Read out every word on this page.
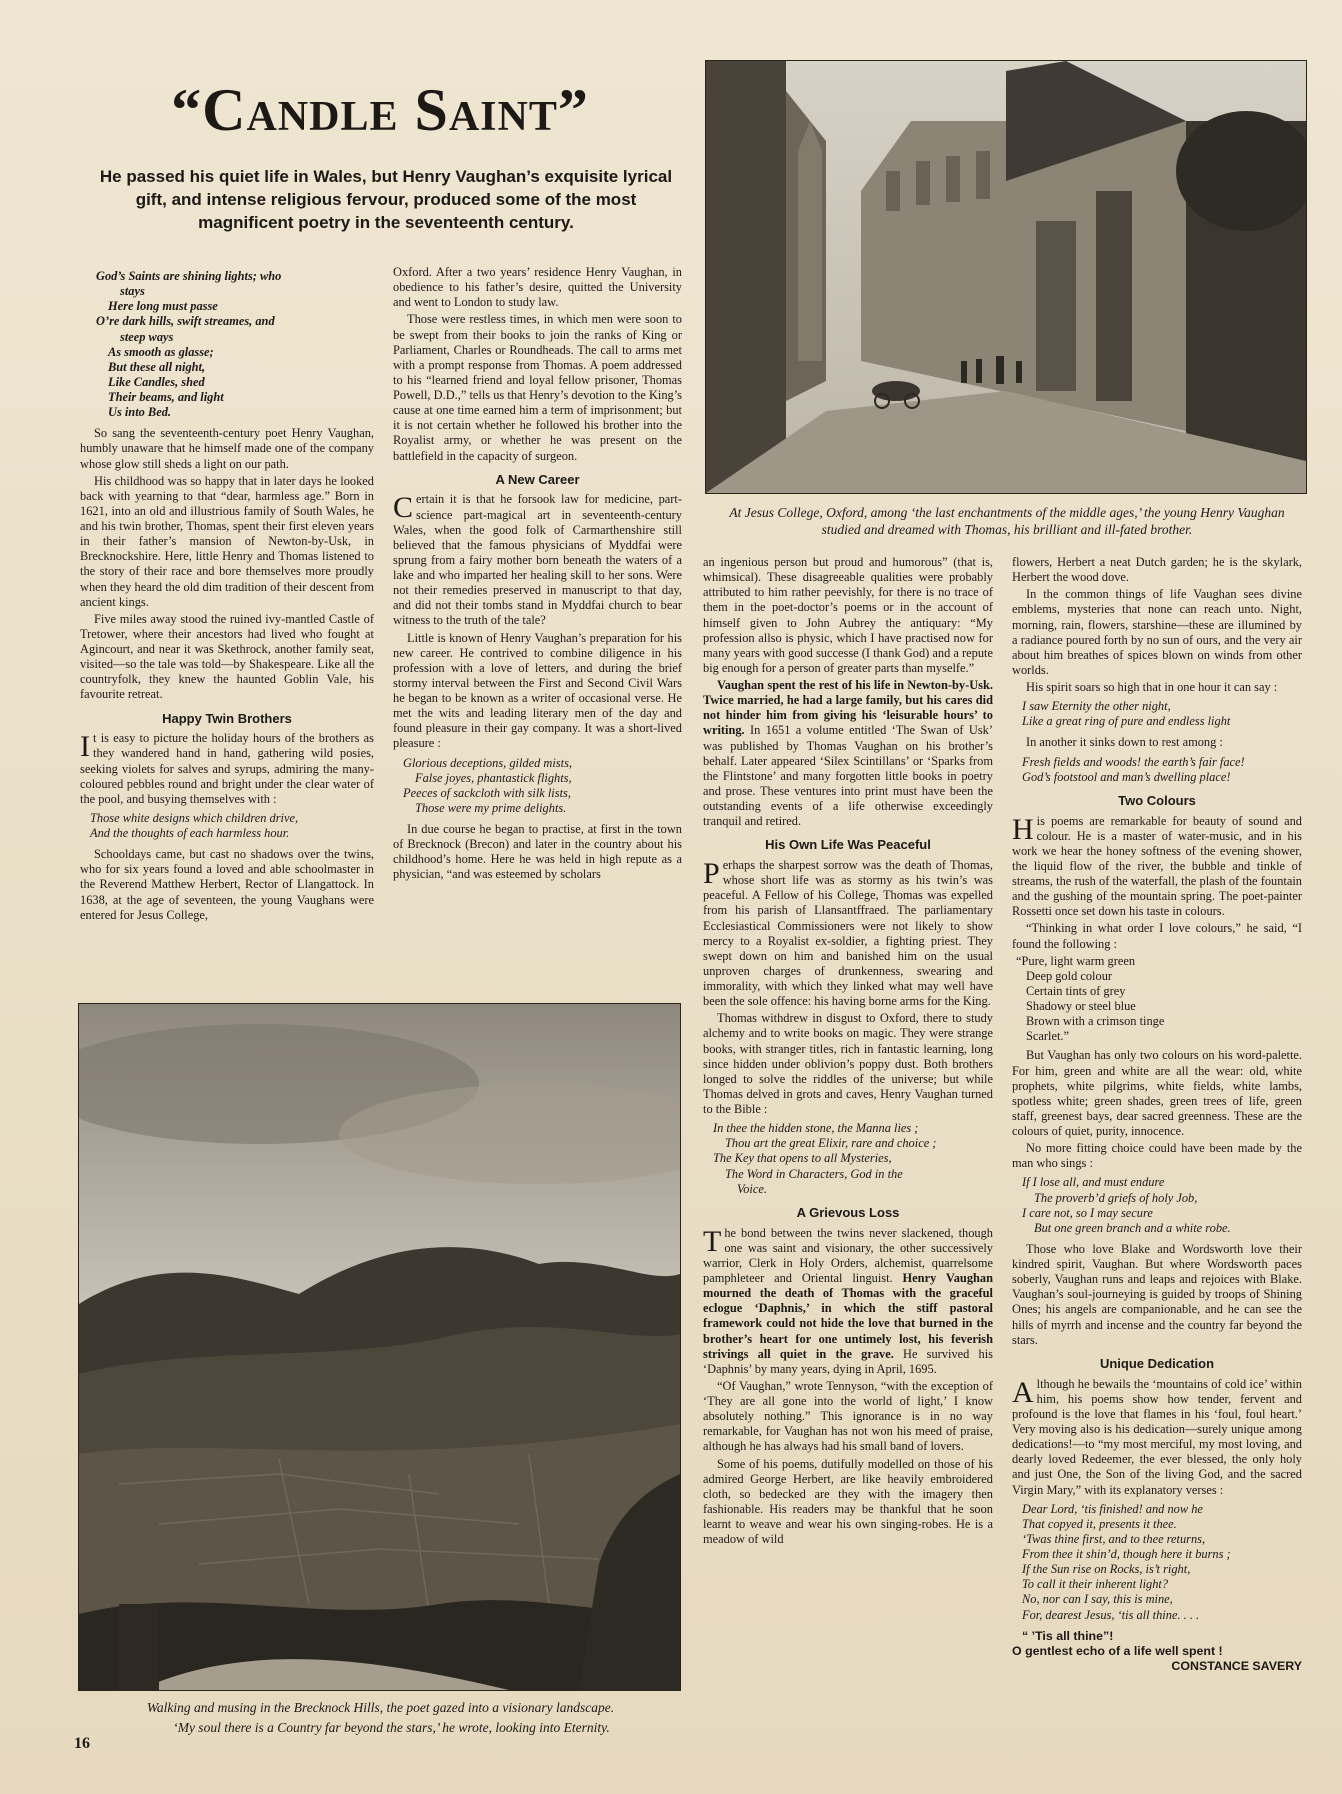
“Candle Saint”
He passed his quiet life in Wales, but Henry Vaughan’s exquisite lyrical gift, and intense religious fervour, produced some of the most magnificent poetry in the seventeenth century.
God’s Saints are shining lights; who
stays
Here long must passe
O’re dark hills, swift streames, and
steep ways
As smooth as glasse;
But these all night,
Like Candles, shed
Their beams, and light
Us into Bed.

So sang the seventeenth-century poet Henry Vaughan, humbly unaware that he himself made one of the company whose glow still sheds a light on our path.

His childhood was so happy that in later days he looked back with yearning to that “dear, harmless age.” Born in 1621, into an old and illustrious family of South Wales, he and his twin brother, Thomas, spent their first eleven years in their father’s mansion of Newton-by-Usk, in Brecknockshire. Here, little Henry and Thomas listened to the story of their race and bore themselves more proudly when they heard the old dim tradition of their descent from ancient kings.

Five miles away stood the ruined ivy-mantled Castle of Tretower, where their ancestors had lived who fought at Agincourt, and near it was Skethrock, another family seat, visited—so the tale was told—by Shakespeare. Like all the countryfolk, they knew the haunted Goblin Vale, his favourite retreat.

Happy Twin Brothers

It is easy to picture the holiday hours of the brothers as they wandered hand in hand, gathering wild posies, seeking violets for salves and syrups, admiring the many-coloured pebbles round and bright under the clear water of the pool, and busying themselves with :

Those white designs which children drive,
And the thoughts of each harmless hour.

Schooldays came, but cast no shadows over the twins, who for six years found a loved and able schoolmaster in the Reverend Matthew Herbert, Rector of Llangattock. In 1638, at the age of seventeen, the young Vaughans were entered for Jesus College,

Oxford. After a two years’ residence Henry Vaughan, in obedience to his father’s desire, quitted the University and went to London to study law.

Those were restless times, in which men were soon to be swept from their books to join the ranks of King or Parliament, Charles or Roundheads. The call to arms met with a prompt response from Thomas. A poem addressed to his “learned friend and loyal fellow prisoner, Thomas Powell, D.D.,” tells us that Henry’s devotion to the King’s cause at one time earned him a term of imprisonment; but it is not certain whether he followed his brother into the Royalist army, or whether he was present on the battlefield in the capacity of surgeon.

A New Career

Certain it is that he forsook law for medicine, part-science part-magical art in seventeenth-century Wales, when the good folk of Carmarthenshire still believed that the famous physicians of Myddfai were sprung from a fairy mother born beneath the waters of a lake and who imparted her healing skill to her sons. Were not their remedies preserved in manuscript to that day, and did not their tombs stand in Myddfai church to bear witness to the truth of the tale?

Little is known of Henry Vaughan’s preparation for his new career. He contrived to combine diligence in his profession with a love of letters, and during the brief stormy interval between the First and Second Civil Wars he began to be known as a writer of occasional verse. He met the wits and leading literary men of the day and found pleasure in their gay company. It was a short-lived pleasure :

Glorious deceptions, gilded mists,
False joyes, phantastick flights,
Peeces of sackcloth with silk lists,
Those were my prime delights.

In due course he began to practise, at first in the town of Brecknock (Brecon) and later in the country about his childhood’s home. Here he was held in high repute as a physician, “and was esteemed by scholars

At Jesus College, Oxford, among ‘the last enchantments of the middle ages,’ the young Henry Vaughan studied and dreamed with Thomas, his brilliant and ill-fated brother.

an ingenious person but proud and humorous” (that is, whimsical). These disagreeable qualities were probably attributed to him rather peevishly, for there is no trace of them in the poet-doctor’s poems or in the account of himself given to John Aubrey the antiquary: “My profession allso is physic, which I have practised now for many years with good successe (I thank God) and a repute big enough for a person of greater parts than myselfe.”

Vaughan spent the rest of his life in Newton-by-Usk. Twice married, he had a large family, but his cares did not hinder him from giving his ‘leisurable hours’ to writing. In 1651 a volume entitled ‘The Swan of Usk’ was published by Thomas Vaughan on his brother’s behalf. Later appeared ‘Silex Scintillans’ or ‘Sparks from the Flintstone’ and many forgotten little books in poetry and prose. These ventures into print must have been the outstanding events of a life otherwise exceedingly tranquil and retired.

His Own Life Was Peaceful

Perhaps the sharpest sorrow was the death of Thomas, whose short life was as stormy as his twin’s was peaceful. A Fellow of his College, Thomas was expelled from his parish of Llansantffraed. The parliamentary Ecclesiastical Commissioners were not likely to show mercy to a Royalist ex-soldier, a fighting priest. They swept down on him and banished him on the usual unproven charges of drunkenness, swearing and immorality, with which they linked what may well have been the sole offence: his having borne arms for the King.

Thomas withdrew in disgust to Oxford, there to study alchemy and to write books on magic. They were strange books, with stranger titles, rich in fantastic learning, long since hidden under oblivion’s poppy dust. Both brothers longed to solve the riddles of the universe; but while Thomas delved in grots and caves, Henry Vaughan turned to the Bible :

In thee the hidden stone, the Manna lies ;
Thou art the great Elixir, rare and choice ;
The Key that opens to all Mysteries,
The Word in Characters, God in the
Voice.
A Grievous Loss

The bond between the twins never slackened, though one was saint and visionary, the other successively warrior, Clerk in Holy Orders, alchemist, quarrelsome pamphleteer and Oriental linguist. Henry Vaughan mourned the death of Thomas with the graceful eclogue ‘Daphnis,’ in which the stiff pastoral framework could not hide the love that burned in the brother’s heart for one untimely lost, his feverish strivings all quiet in the grave. He survived his ‘Daphnis’ by many years, dying in April, 1695.

“Of Vaughan,” wrote Tennyson, “with the exception of ‘They are all gone into the world of light,’ I know absolutely nothing.” This ignorance is in no way remarkable, for Vaughan has not won his meed of praise, although he has always had his small band of lovers.

Some of his poems, dutifully modelled on those of his admired George Herbert, are like heavily embroidered cloth, so bedecked are they with the imagery then fashionable. His readers may be thankful that he soon learnt to weave and wear his own singing-robes. He is a meadow of wild

flowers, Herbert a neat Dutch garden; he is the skylark, Herbert the wood dove.

In the common things of life Vaughan sees divine emblems, mysteries that none can reach unto. Night, morning, rain, flowers, starshine—these are illumined by a radiance poured forth by no sun of ours, and the very air about him breathes of spices blown on winds from other worlds.

His spirit soars so high that in one hour it can say :

I saw Eternity the other night,
Like a great ring of pure and endless light

In another it sinks down to rest among :

Fresh fields and woods! the earth’s fair face!
God’s footstool and man’s dwelling place!
Two Colours

His poems are remarkable for beauty of sound and colour. He is a master of water-music, and in his work we hear the honey softness of the evening shower, the liquid flow of the river, the bubble and tinkle of streams, the rush of the waterfall, the plash of the fountain and the gushing of the mountain spring. The poet-painter Rossetti once set down his taste in colours.

“Thinking in what order I love colours,” he said, “I found the following :

“Pure, light warm green
Deep gold colour
Certain tints of grey
Shadowy or steel blue
Brown with a crimson tinge
Scarlet.”

But Vaughan has only two colours on his word-palette. For him, green and white are all the wear: old, white prophets, white pilgrims, white fields, white lambs, spotless white; green shades, green trees of life, green staff, greenest bays, dear sacred greenness. These are the colours of quiet, purity, innocence.

No more fitting choice could have been made by the man who sings :

If I lose all, and must endure
The proverb’d griefs of holy Job,
I care not, so I may secure
But one green branch and a white robe.

Those who love Blake and Wordsworth love their kindred spirit, Vaughan. But where Wordsworth paces soberly, Vaughan runs and leaps and rejoices with Blake. Vaughan’s soul-journeying is guided by troops of Shining Ones; his angels are companionable, and he can see the hills of myrrh and incense and the country far beyond the stars.

Unique Dedication

Although he bewails the ‘mountains of cold ice’ within him, his poems show how tender, fervent and profound is the love that flames in his ‘foul, foul heart.’ Very moving also is his dedication—surely unique among dedications!—to “my most merciful, my most loving, and dearly loved Redeemer, the ever blessed, the only holy and just One, the Son of the living God, and the sacred Virgin Mary,” with its explanatory verses :

Dear Lord, ‘tis finished! and now he
That copyed it, presents it thee.
‘Twas thine first, and to thee returns,
From thee it shin’d, though here it burns ;
If the Sun rise on Rocks, is’t right,
To call it their inherent light?
No, nor can I say, this is mine,
For, dearest Jesus, ‘tis all thine. . . .
“ ’Tis all thine”!
O gentlest echo of a life well spent !
CONSTANCE SAVERY
Walking and musing in the Brecknock Hills, the poet gazed into a visionary landscape.
‘My soul there is a Country far beyond the stars,’ he wrote, looking into Eternity.
16
